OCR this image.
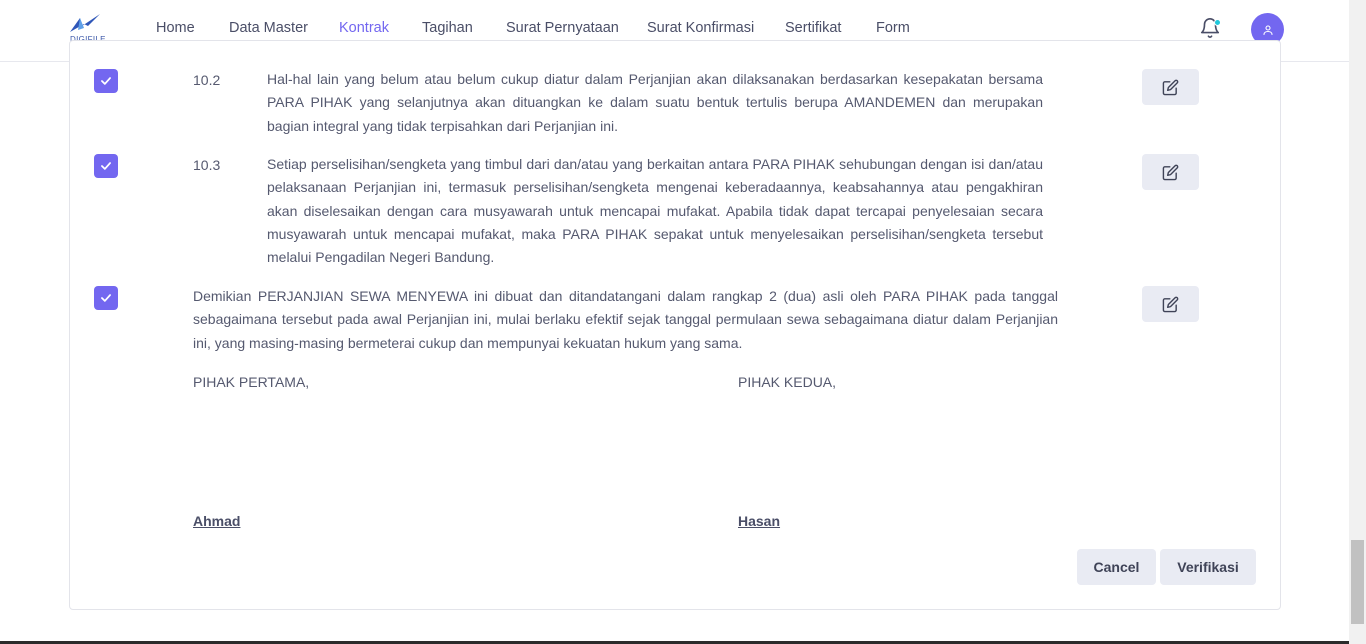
Home Data Master Kontrak Tagihan Surat Pernyataan Surat Konfirmasi Sertifikat Form
10.2	Hal-hal lain yang belum atau belum cukup diatur dalam Perjanjian akan dilaksanakan berdasarkan kesepakatan bersama PARA PIHAK yang selanjutnya akan dituangkan ke dalam suatu bentuk tertulis berupa AMANDEMEN dan merupakan bagian integral yang tidak terpisahkan dari Perjanjian ini.

10.3	Setiap perselisihan/sengketa yang timbul dari dan/atau yang berkaitan antara PARA PIHAK sehubungan dengan isi dan/atau pelaksanaan Perjanjian ini, termasuk perselisihan/sengketa mengenai keberadaannya, keabsahannya atau pengakhiran akan diselesaikan dengan cara musyawarah untuk mencapai mufakat. Apabila tidak dapat tercapai penyelesaian secara musyawarah untuk mencapai mufakat, maka PARA PIHAK sepakat untuk menyelesaikan perselisihan/sengketa tersebut melalui Pengadilan Negeri Bandung.

Demikian PERJANJIAN SEWA MENYEWA ini dibuat dan ditandatangani dalam rangkap 2 (dua) asli oleh PARA PIHAK pada tanggal sebagaimana tersebut pada awal Perjanjian ini, mulai berlaku efektif sejak tanggal permulaan sewa sebagaimana diatur dalam Perjanjian ini, yang masing-masing bermeterai cukup dan mempunyai kekuatan hukum yang sama.

PIHAK PERTAMA,	PIHAK KEDUA,
Ahmad	Hasan
Cancel	Verifikasi
